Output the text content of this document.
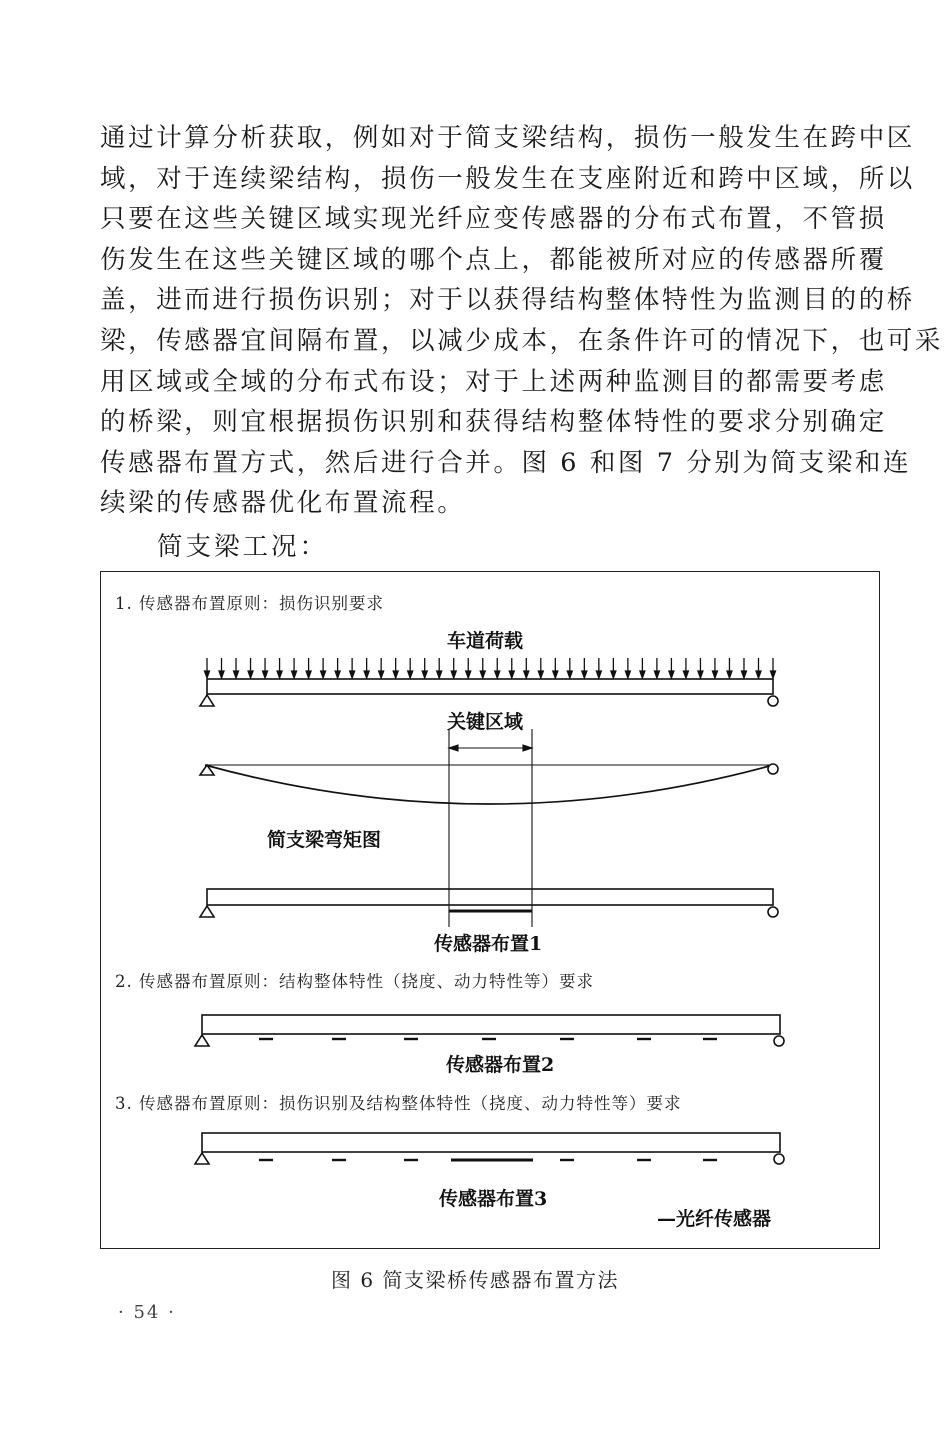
通过计算分析获取，例如对于简支梁结构，损伤一般发生在跨中区
域，对于连续梁结构，损伤一般发生在支座附近和跨中区域，所以
只要在这些关键区域实现光纤应变传感器的分布式布置，不管损
伤发生在这些关键区域的哪个点上，都能被所对应的传感器所覆
盖，进而进行损伤识别；对于以获得结构整体特性为监测目的的桥
梁，传感器宜间隔布置，以减少成本，在条件许可的情况下，也可采
用区域或全域的分布式布设；对于上述两种监测目的都需要考虑
的桥梁，则宜根据损伤识别和获得结构整体特性的要求分别确定
传感器布置方式，然后进行合并。图 6 和图 7 分别为简支梁和连
续梁的传感器优化布置流程。

简支梁工况：

1. 传感器布置原则：损伤识别要求
车道荷载
关键区域
简支梁弯矩图
传感器布置1
2. 传感器布置原则：结构整体特性（挠度、动力特性等）要求
传感器布置2
3. 传感器布置原则：损伤识别及结构整体特性（挠度、动力特性等）要求
传感器布置3
—光纤传感器
图 6 简支梁桥传感器布置方法
· 54 ·
